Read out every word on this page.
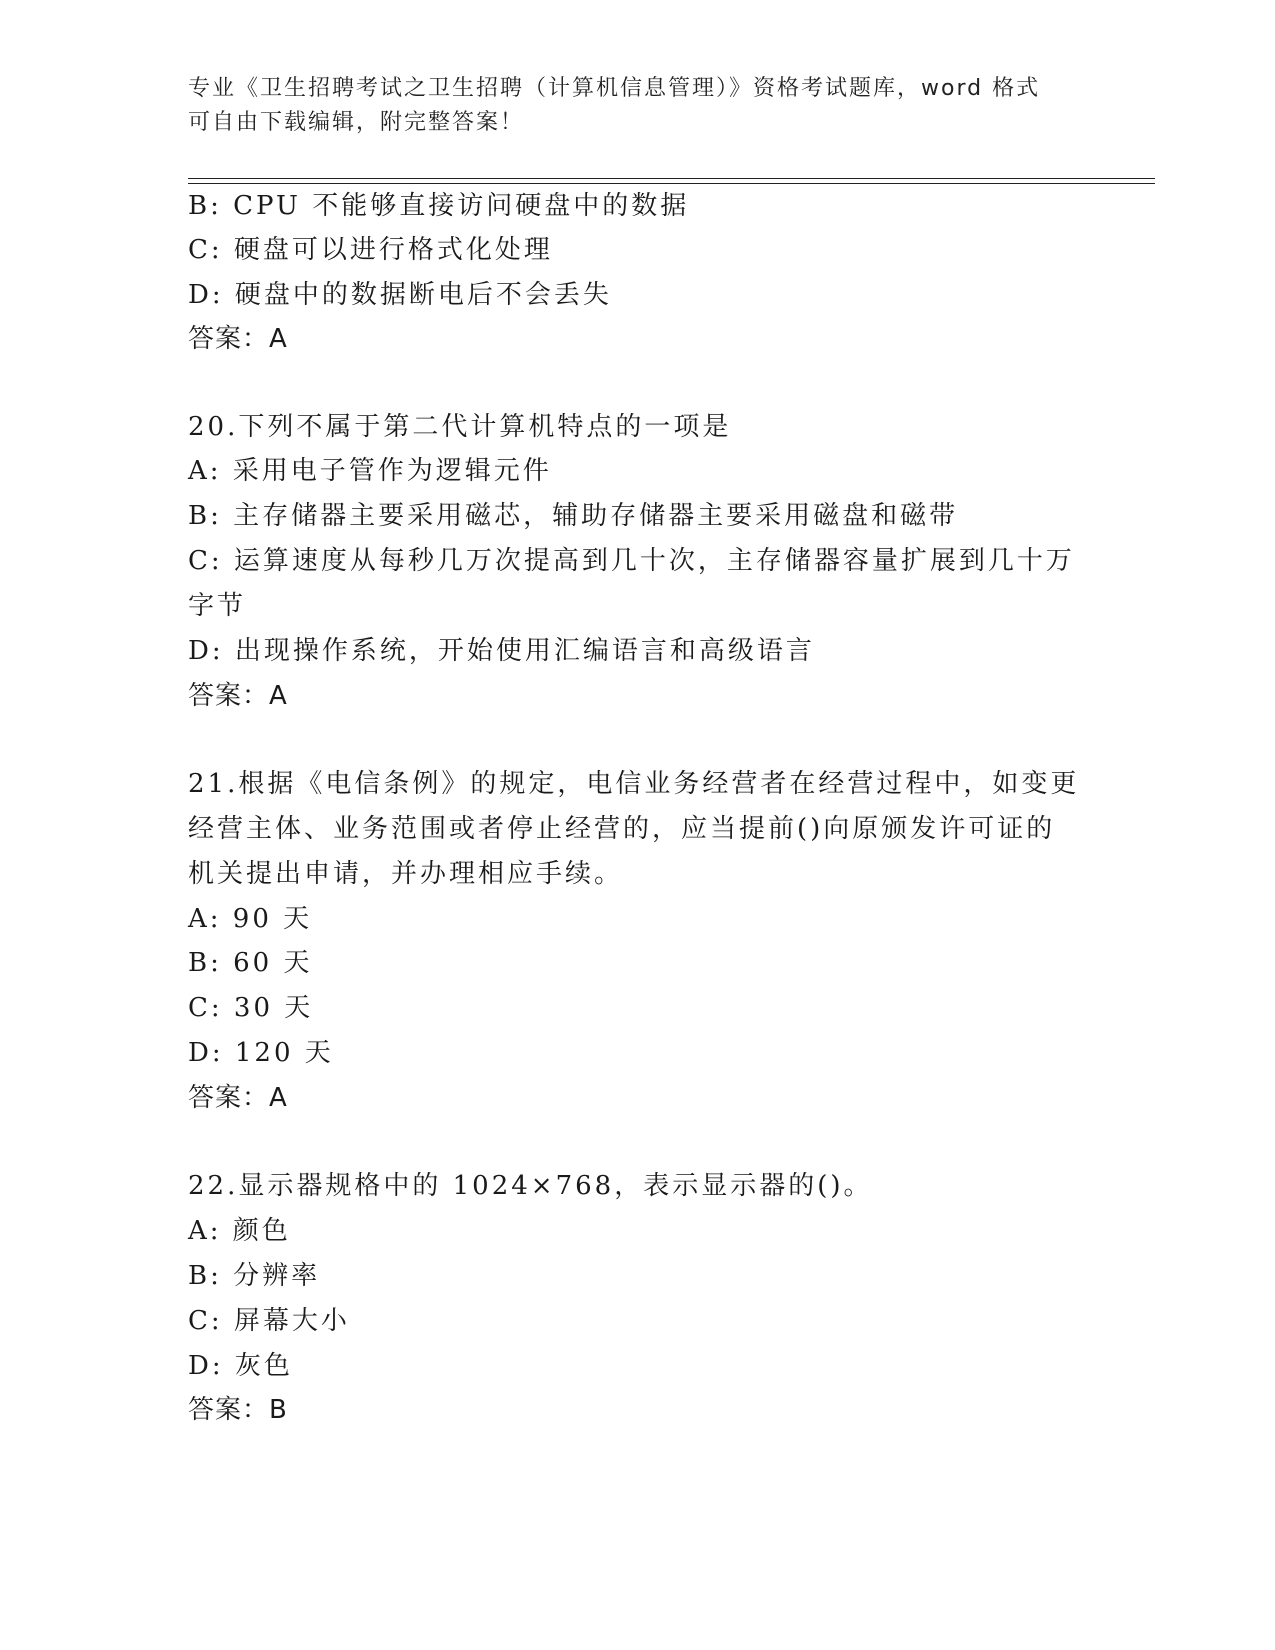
专业《卫生招聘考试之卫生招聘（计算机信息管理）》资格考试题库，word 格式
可自由下载编辑，附完整答案！
B: CPU 不能够直接访问硬盘中的数据
C: 硬盘可以进行格式化处理
D: 硬盘中的数据断电后不会丢失
答案：A
20.下列不属于第二代计算机特点的一项是
A: 采用电子管作为逻辑元件
B: 主存储器主要采用磁芯，辅助存储器主要采用磁盘和磁带
C: 运算速度从每秒几万次提高到几十次，主存储器容量扩展到几十万
字节
D: 出现操作系统，开始使用汇编语言和高级语言
答案：A
21.根据《电信条例》的规定，电信业务经营者在经营过程中，如变更
经营主体、业务范围或者停止经营的，应当提前()向原颁发许可证的
机关提出申请，并办理相应手续。
A: 90 天
B: 60 天
C: 30 天
D: 120 天
答案：A
22.显示器规格中的 1024×768，表示显示器的()。
A: 颜色
B: 分辨率
C: 屏幕大小
D: 灰色
答案：B
